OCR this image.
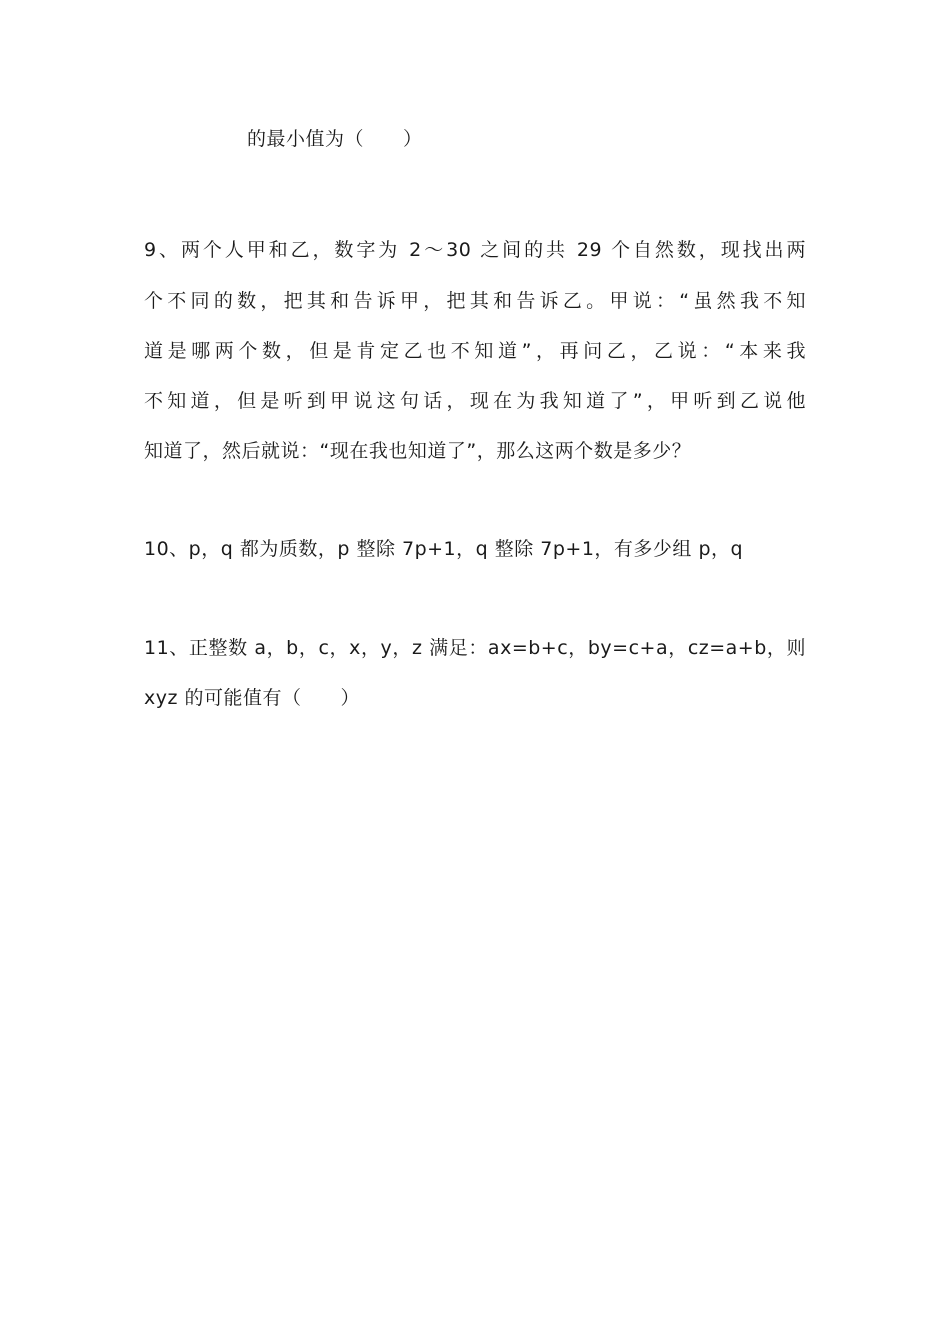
的最小值为（　　）
9、两个人甲和乙，数字为 2～30 之间的共 29 个自然数，现找出两
个不同的数，把其和告诉甲，把其和告诉乙。甲说：“虽然我不知
道是哪两个数，但是肯定乙也不知道”，再问乙，乙说：“本来我
不知道，但是听到甲说这句话，现在为我知道了”，甲听到乙说他
知道了，然后就说：“现在我也知道了”，那么这两个数是多少？
10、p，q 都为质数，p 整除 7p+1，q 整除 7p+1，有多少组 p，q
11、正整数 a，b，c，x，y，z 满足：ax=b+c，by=c+a，cz=a+b，则
xyz 的可能值有（　　）
